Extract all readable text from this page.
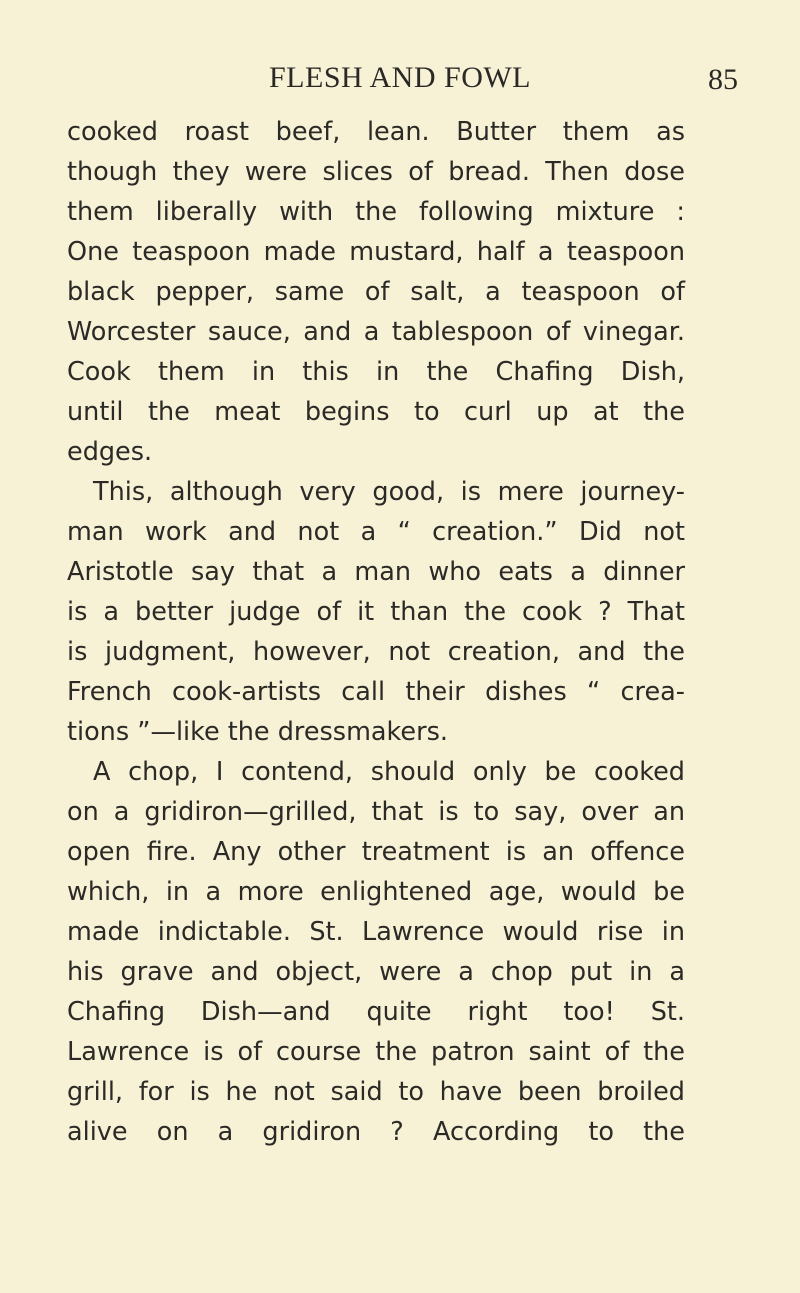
FLESH AND FOWL	85
cooked roast beef, lean. Butter them as
though they were slices of bread. Then dose
them liberally with the following mixture :
One teaspoon made mustard, half a teaspoon
black pepper, same of salt, a teaspoon of
Worcester sauce, and a tablespoon of vinegar.
Cook them in this in the Chafing Dish,
until the meat begins to curl up at the
edges.
This, although very good, is mere journey-
man work and not a “ creation.” Did not
Aristotle say that a man who eats a dinner
is a better judge of it than the cook ? That
is judgment, however, not creation, and the
French cook-artists call their dishes “ crea-
tions ”—like the dressmakers.
A chop, I contend, should only be cooked
on a gridiron—grilled, that is to say, over an
open fire. Any other treatment is an offence
which, in a more enlightened age, would be
made indictable. St. Lawrence would rise in
his grave and object, were a chop put in a
Chafing Dish—and quite right too! St.
Lawrence is of course the patron saint of the
grill, for is he not said to have been broiled
alive on a gridiron ? According to the
